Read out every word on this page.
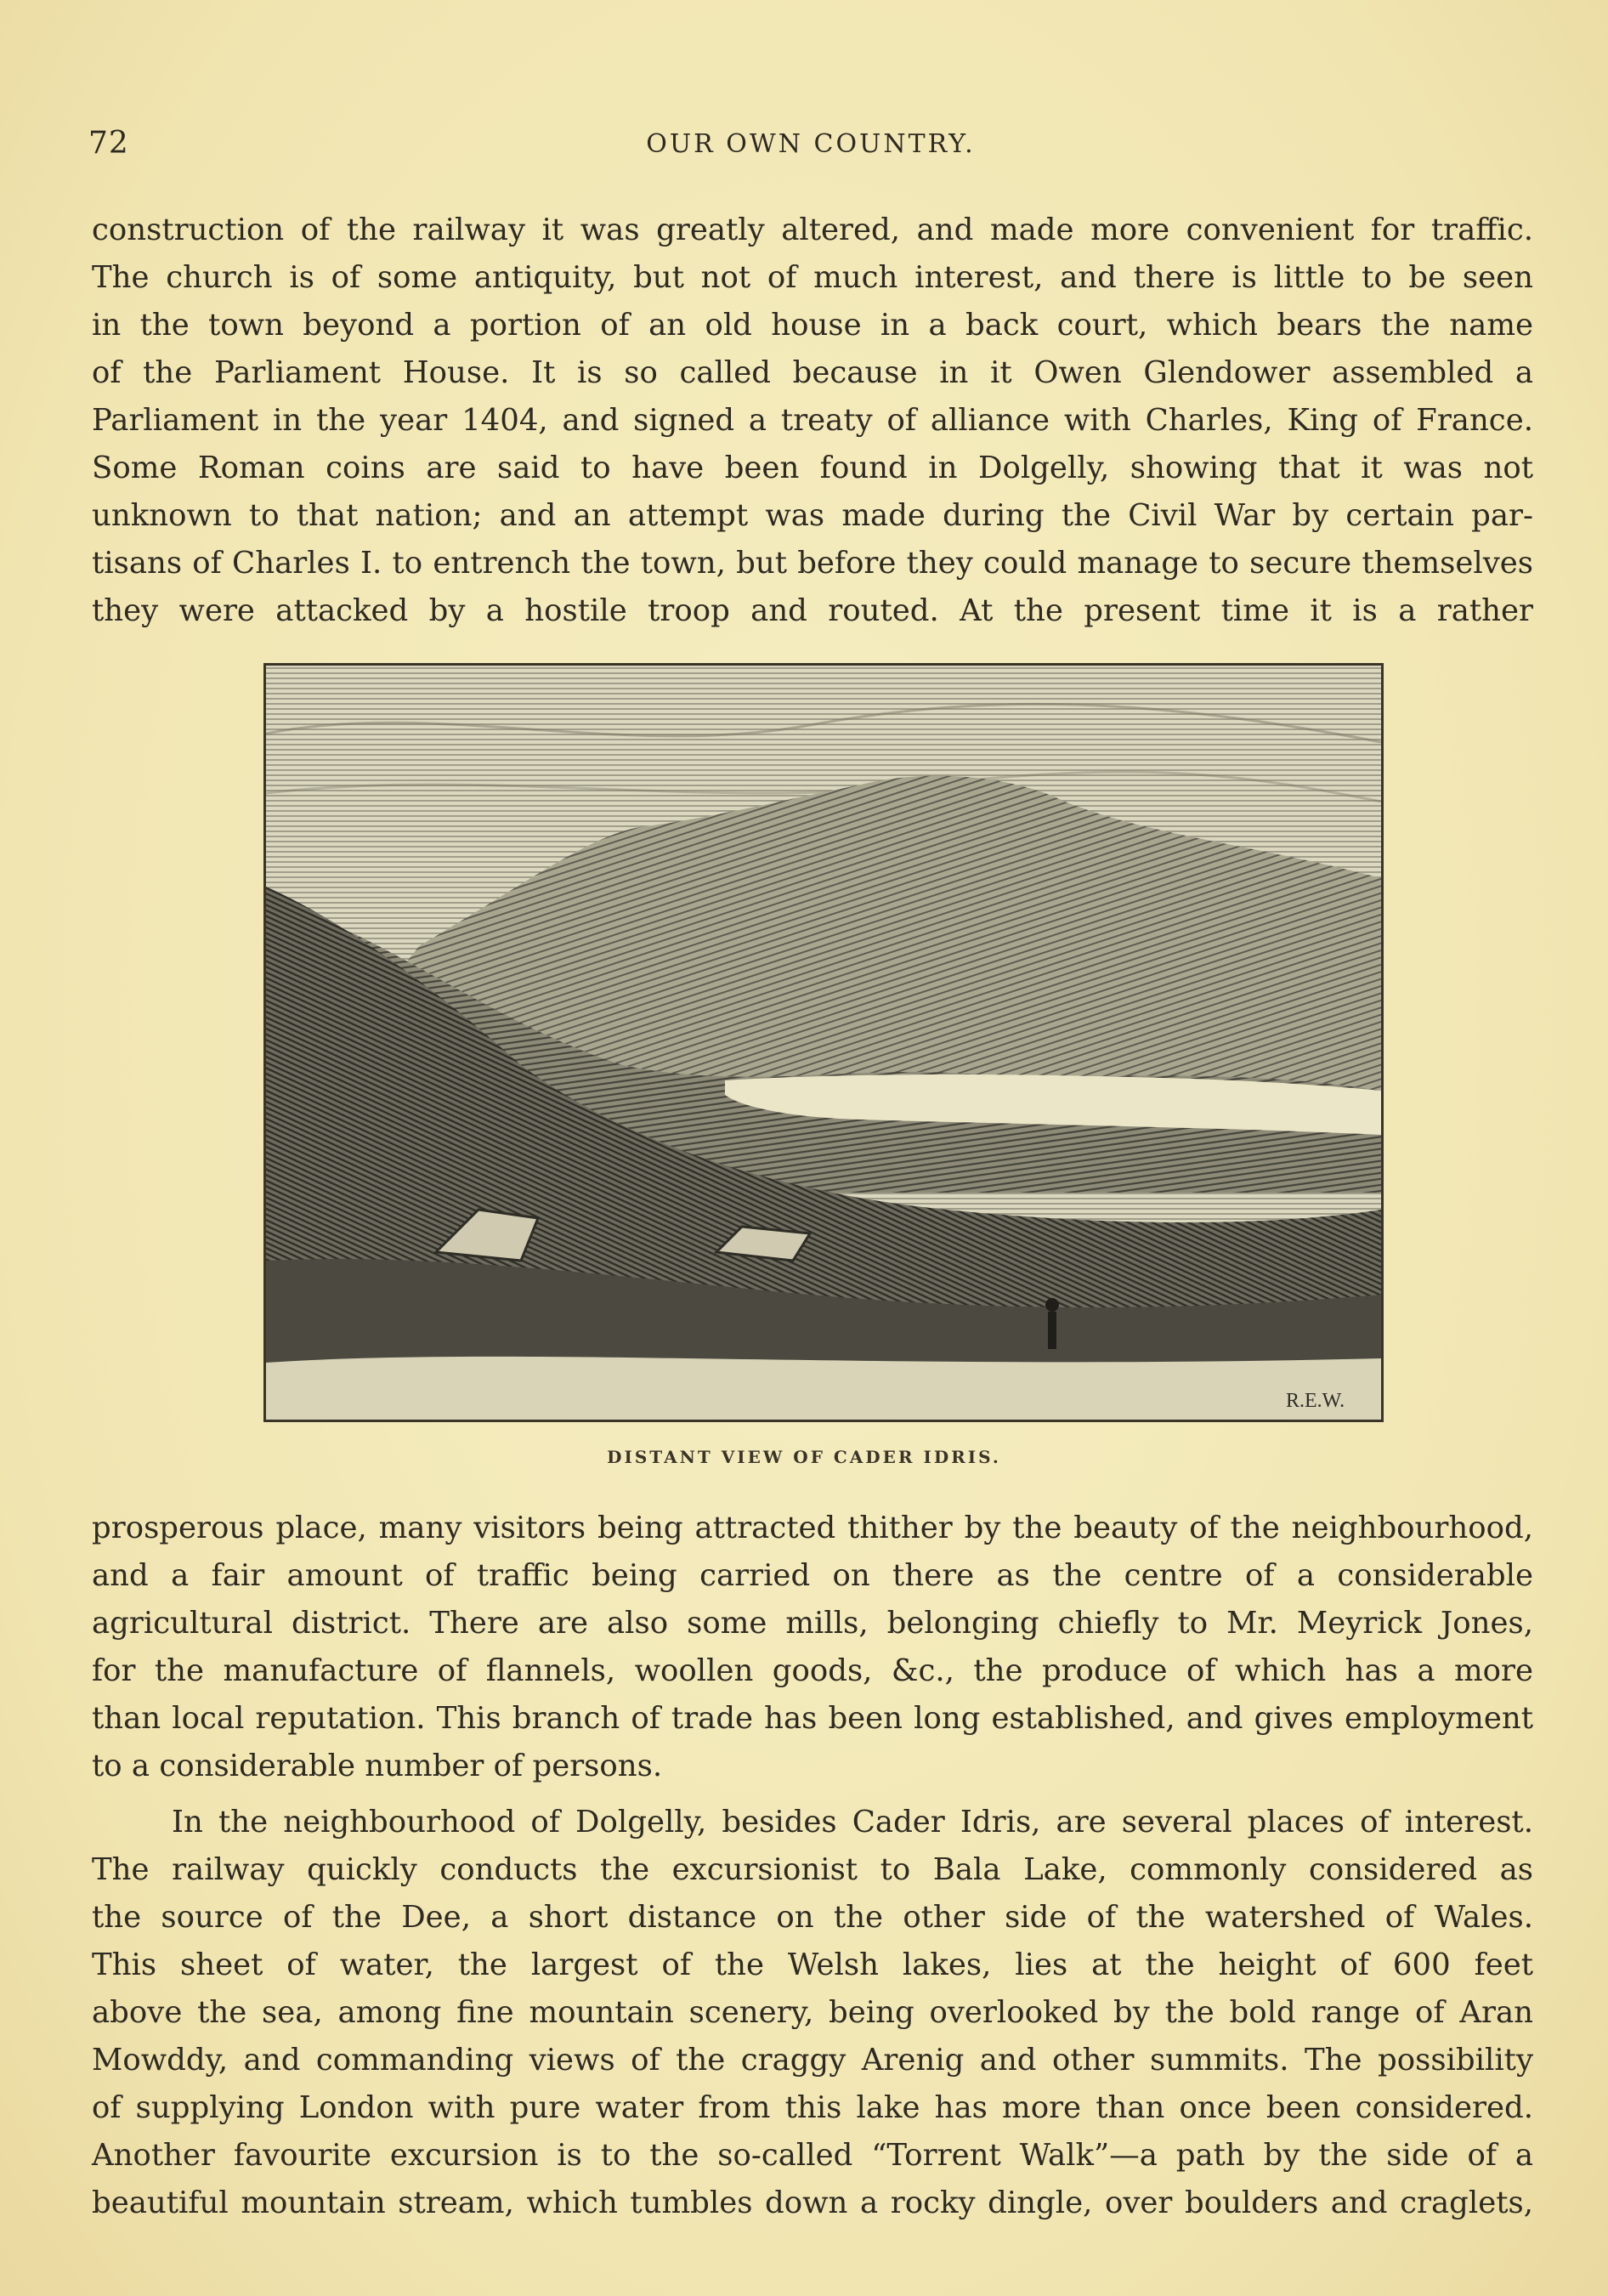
72	OUR OWN COUNTRY.
construction of the railway it was greatly altered, and made more convenient for traffic.
The church is of some antiquity, but not of much interest, and there is little to be seen
in the town beyond a portion of an old house in a back court, which bears the name
of the Parliament House. It is so called because in it Owen Glendower assembled a
Parliament in the year 1404, and signed a treaty of alliance with Charles, King of France.
Some Roman coins are said to have been found in Dolgelly, showing that it was not
unknown to that nation; and an attempt was made during the Civil War by certain par-
tisans of Charles I. to entrench the town, but before they could manage to secure themselves
they were attacked by a hostile troop and routed. At the present time it is a rather
R.E.W.
DISTANT VIEW OF CADER IDRIS.
prosperous place, many visitors being attracted thither by the beauty of the neighbourhood,
and a fair amount of traffic being carried on there as the centre of a considerable
agricultural district. There are also some mills, belonging chiefly to Mr. Meyrick Jones,
for the manufacture of flannels, woollen goods, &c., the produce of which has a more
than local reputation. This branch of trade has been long established, and gives employment
to a considerable number of persons.
In the neighbourhood of Dolgelly, besides Cader Idris, are several places of interest.
The railway quickly conducts the excursionist to Bala Lake, commonly considered as
the source of the Dee, a short distance on the other side of the watershed of Wales.
This sheet of water, the largest of the Welsh lakes, lies at the height of 600 feet
above the sea, among fine mountain scenery, being overlooked by the bold range of Aran
Mowddy, and commanding views of the craggy Arenig and other summits. The possibility
of supplying London with pure water from this lake has more than once been considered.
Another favourite excursion is to the so-called “Torrent Walk”—a path by the side of a
beautiful mountain stream, which tumbles down a rocky dingle, over boulders and craglets,
